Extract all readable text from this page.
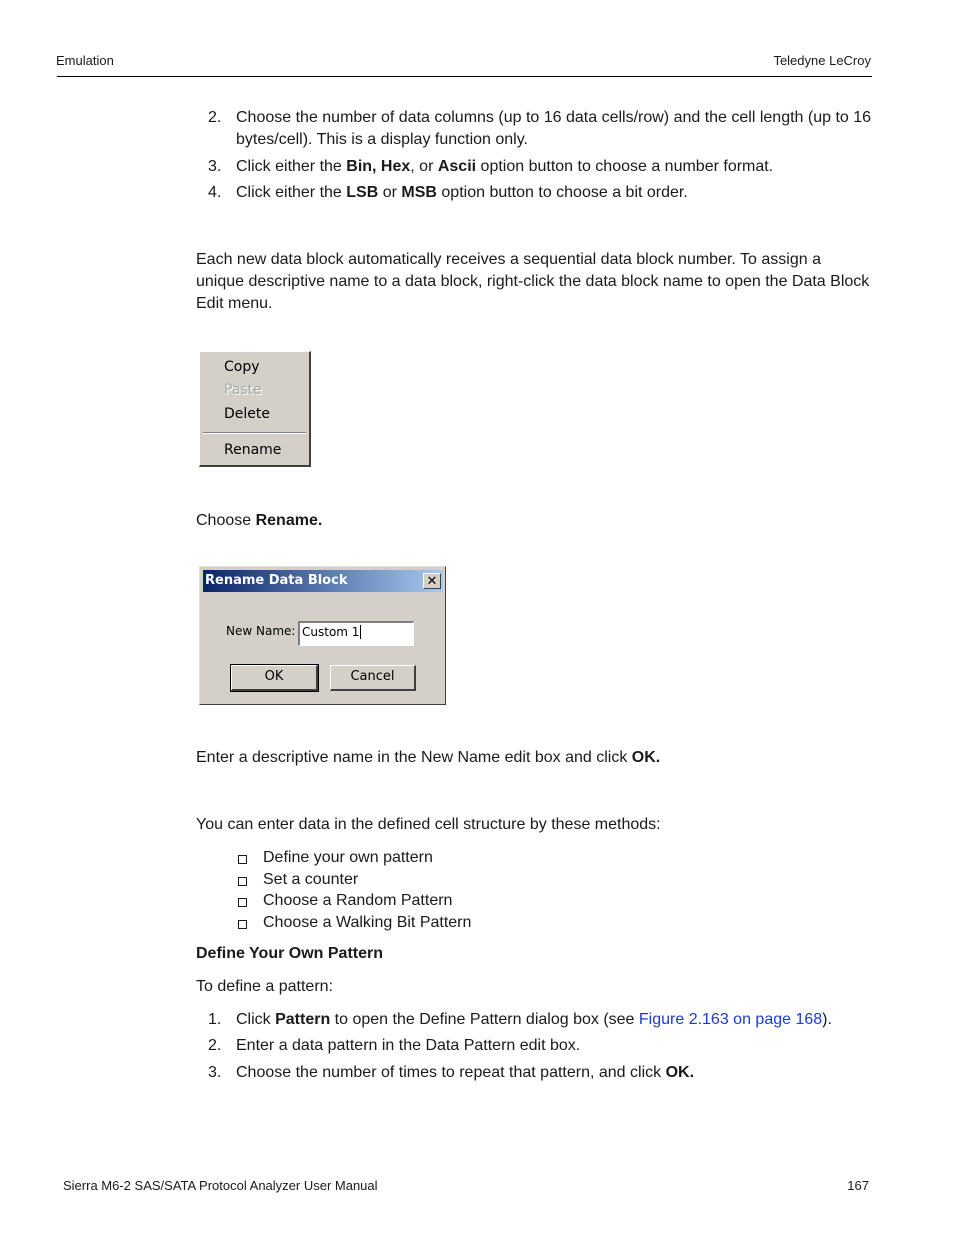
Emulation	Teledyne LeCroy
2. Choose the number of data columns (up to 16 data cells/row) and the cell length (up to 16 bytes/cell). This is a display function only.
3. Click either the Bin, Hex, or Ascii option button to choose a number format.
4. Click either the LSB or MSB option button to choose a bit order.
Each new data block automatically receives a sequential data block number. To assign a unique descriptive name to a data block, right-click the data block name to open the Data Block Edit menu.
Copy
Paste
Delete
Rename
Choose Rename.
Rename Data Block	✕
New Name: Custom 1
OK	Cancel
Enter a descriptive name in the New Name edit box and click OK.
You can enter data in the defined cell structure by these methods:
Define your own pattern
Set a counter
Choose a Random Pattern
Choose a Walking Bit Pattern
Define Your Own Pattern
To define a pattern:
1. Click Pattern to open the Define Pattern dialog box (see Figure 2.163 on page 168).
2. Enter a data pattern in the Data Pattern edit box.
3. Choose the number of times to repeat that pattern, and click OK.
Sierra M6-2 SAS/SATA Protocol Analyzer User Manual	167
